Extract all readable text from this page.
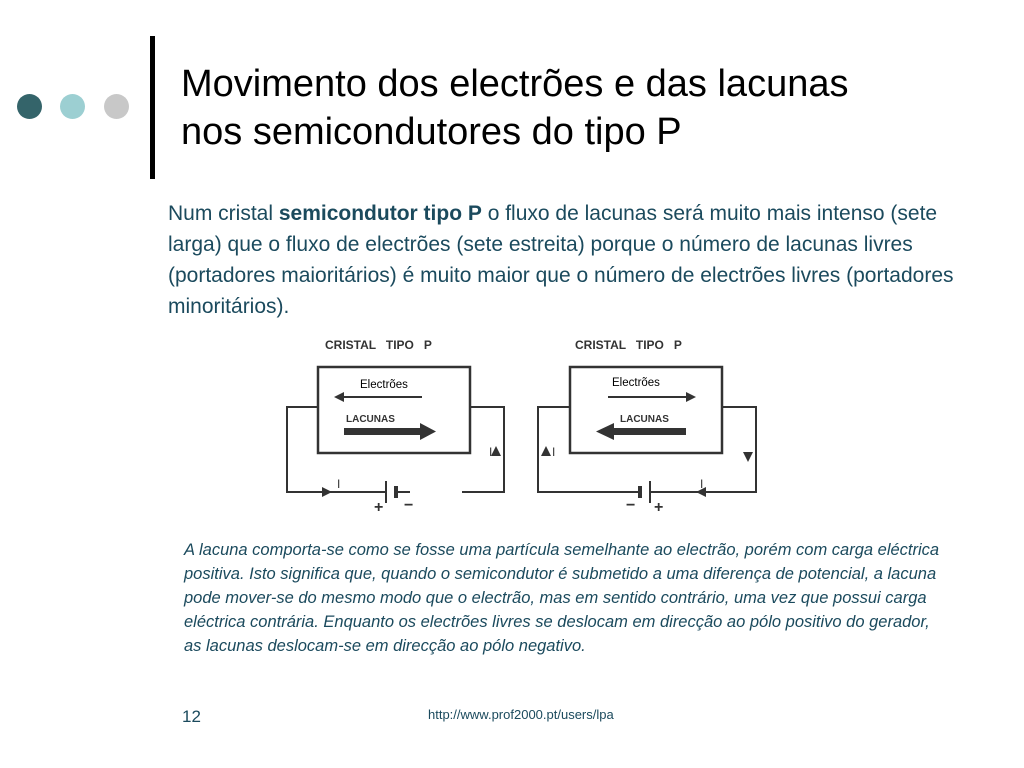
Movimento dos electrões e das lacunas
nos semicondutores do tipo P
Num cristal semicondutor tipo P o fluxo de lacunas será muito mais intenso (sete larga) que o fluxo de electrões (sete estreita) porque o número de lacunas livres (portadores maioritários) é muito maior que o número de electrões livres (portadores minoritários).
CRISTAL   TIPO   P
Electrões
LACUNAS
I
I
+ −
CRISTAL   TIPO   P
Electrões
LACUNAS
I
I
− +
A lacuna comporta-se como se fosse uma partícula semelhante ao electrão, porém com carga eléctrica positiva. Isto significa que, quando o semicondutor é submetido a uma diferença de potencial, a lacuna pode mover-se do mesmo modo que o electrão, mas em sentido contrário, uma vez que possui carga eléctrica contrária. Enquanto os electrões livres se deslocam em direcção ao pólo positivo do gerador, as lacunas deslocam-se em direcção ao pólo negativo.
12	http://www.prof2000.pt/users/lpa
